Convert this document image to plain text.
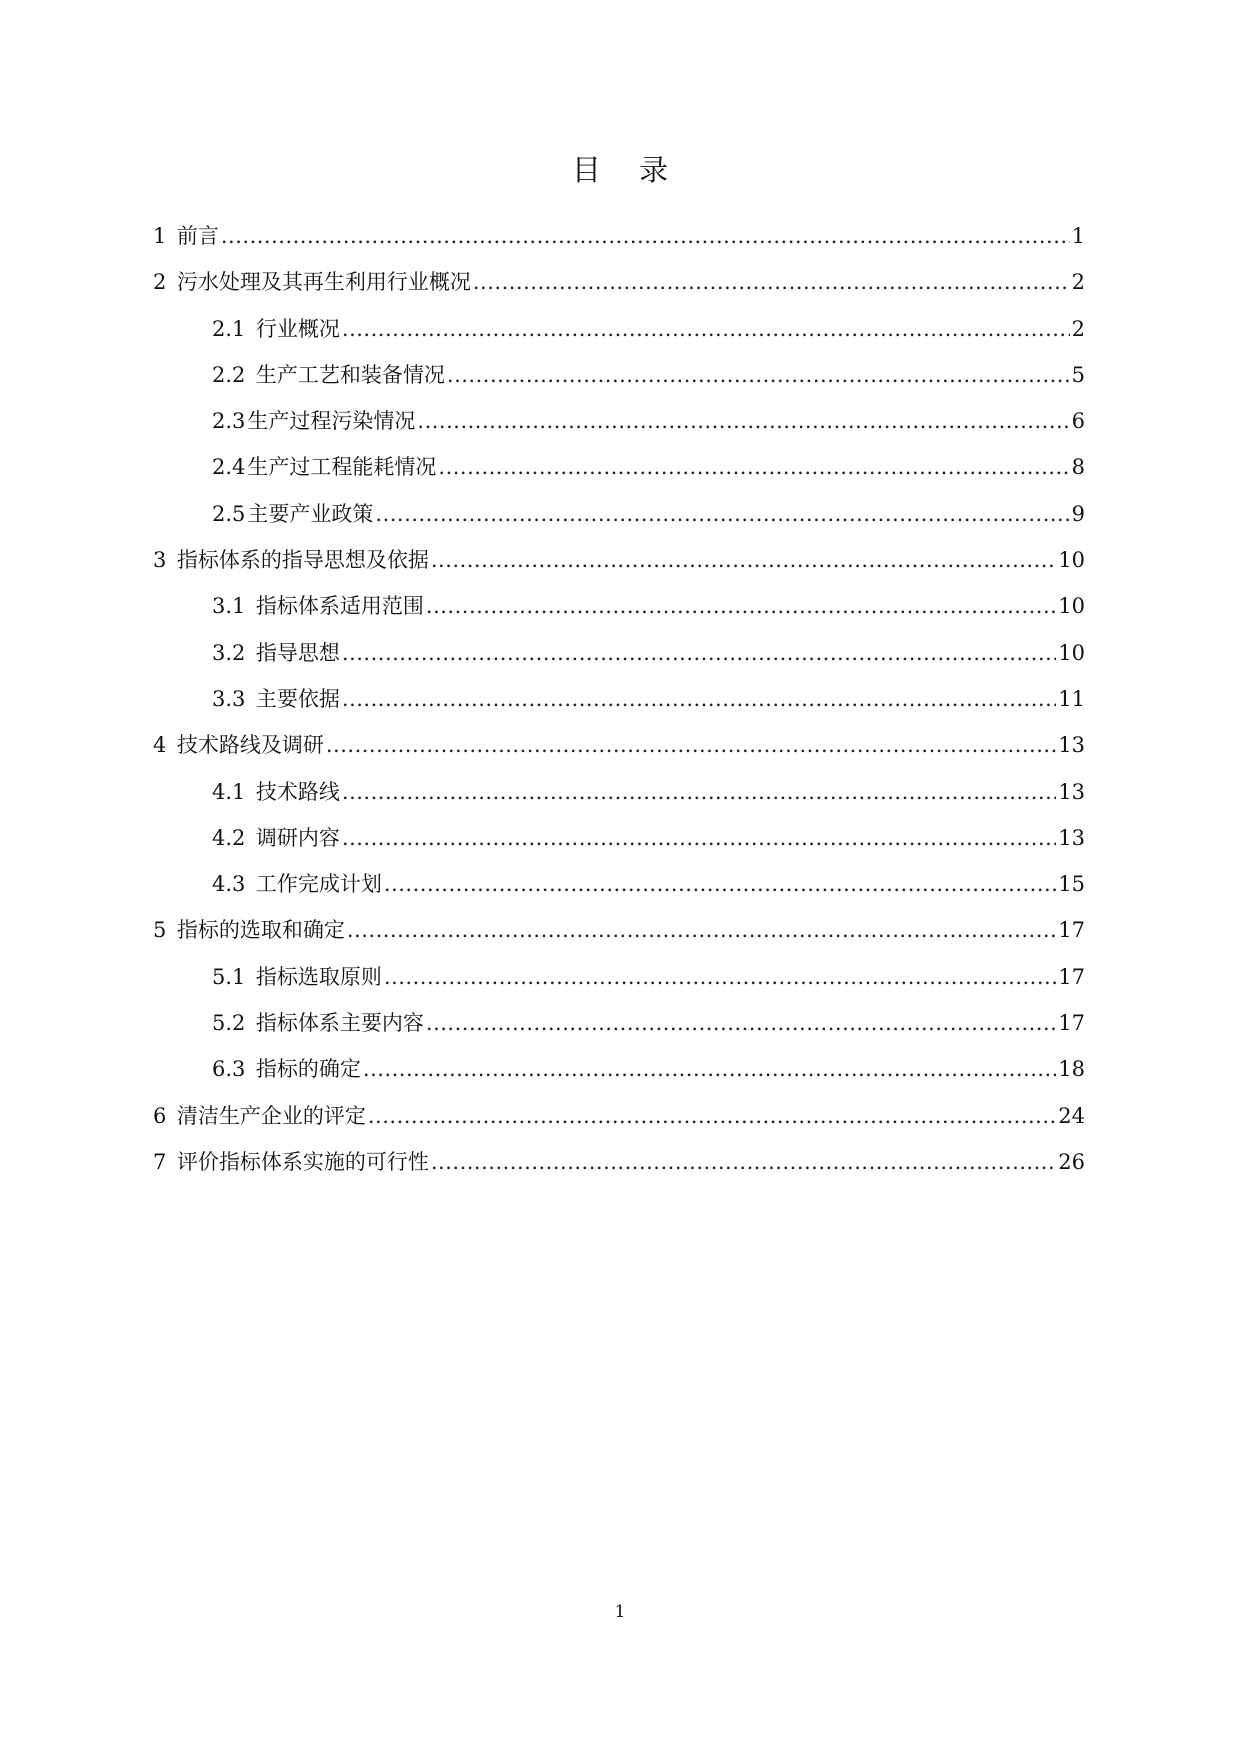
目 录
1 前言 .....	1
2 污水处理及其再生利用行业概况 .....	2
2.1 行业概况 .....	2
2.2 生产工艺和装备情况 .....	5
2.3 生产过程污染情况 .....	6
2.4 生产过工程能耗情况 .....	8
2.5 主要产业政策 .....	9
3 指标体系的指导思想及依据 .....	10
3.1 指标体系适用范围 .....	10
3.2 指导思想 .....	10
3.3 主要依据 .....	11
4 技术路线及调研 .....	13
4.1 技术路线 .....	13
4.2 调研内容 .....	13
4.3 工作完成计划 .....	15
5 指标的选取和确定 .....	17
5.1 指标选取原则 .....	17
5.2 指标体系主要内容 .....	17
6.3 指标的确定 .....	18
6 清洁生产企业的评定 .....	24
7 评价指标体系实施的可行性 .....	26
1
